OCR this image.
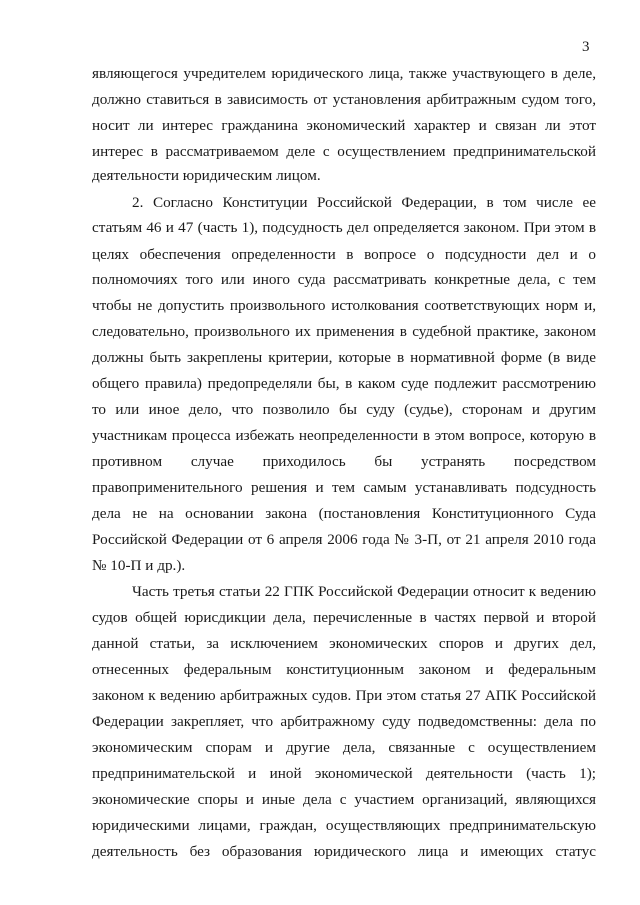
3
являющегося учредителем юридического лица, также участвующего в деле,
должно ставиться в зависимость от установления арбитражным судом того,
носит ли интерес гражданина экономический характер и связан ли этот
интерес в рассматриваемом деле с осуществлением предпринимательской
деятельности юридическим лицом.
2. Согласно Конституции Российской Федерации, в том числе ее
статьям 46 и 47 (часть 1), подсудность дел определяется законом. При этом в
целях обеспечения определенности в вопросе о подсудности дел и о
полномочиях того или иного суда рассматривать конкретные дела, с тем
чтобы не допустить произвольного истолкования соответствующих норм и,
следовательно, произвольного их применения в судебной практике, законом
должны быть закреплены критерии, которые в нормативной форме (в виде
общего правила) предопределяли бы, в каком суде подлежит рассмотрению
то или иное дело, что позволило бы суду (судье), сторонам и другим
участникам процесса избежать неопределенности в этом вопросе, которую в
противном случае приходилось бы устранять посредством
правоприменительного решения и тем самым устанавливать подсудность
дела не на основании закона (постановления Конституционного Суда
Российской Федерации от 6 апреля 2006 года № 3-П, от 21 апреля 2010 года
№ 10-П и др.).
Часть третья статьи 22 ГПК Российской Федерации относит к ведению
судов общей юрисдикции дела, перечисленные в частях первой и второй
данной статьи, за исключением экономических споров и других дел,
отнесенных федеральным конституционным законом и федеральным
законом к ведению арбитражных судов. При этом статья 27 АПК Российской
Федерации закрепляет, что арбитражному суду подведомственны: дела по
экономическим спорам и другие дела, связанные с осуществлением
предпринимательской и иной экономической деятельности (часть 1);
экономические споры и иные дела с участием организаций, являющихся
юридическими лицами, граждан, осуществляющих предпринимательскую
деятельность без образования юридического лица и имеющих статус
